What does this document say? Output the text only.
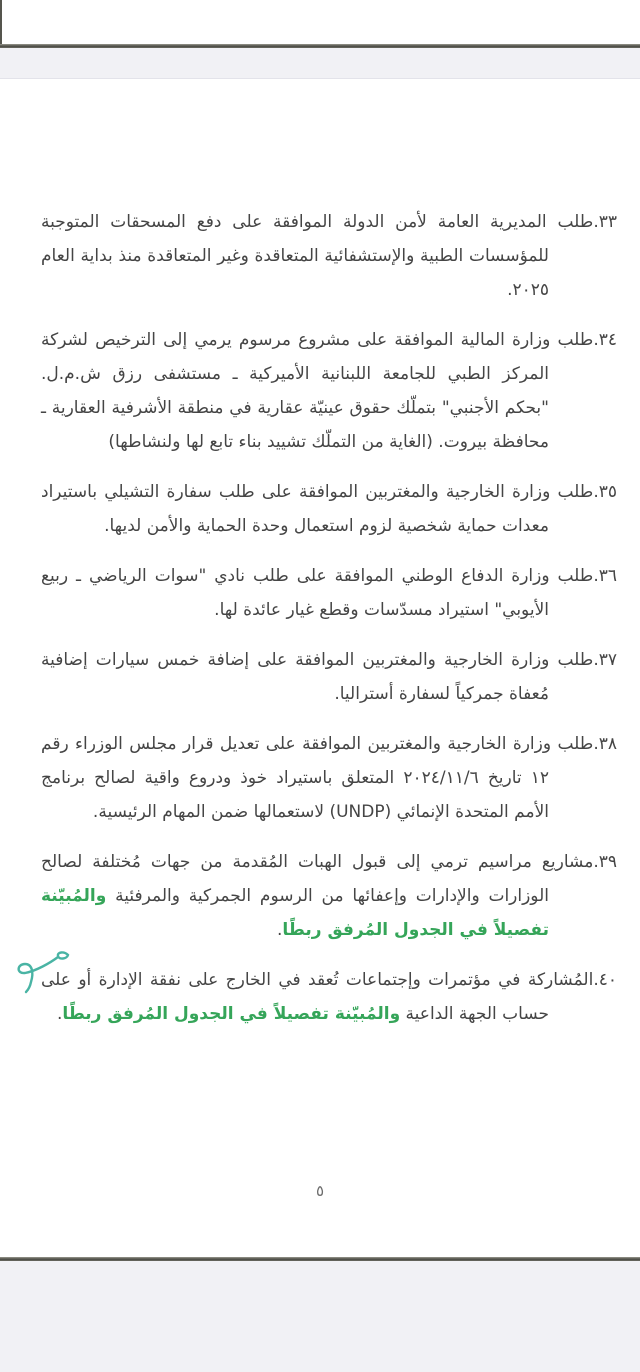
٣٣.طلب المديرية العامة لأمن الدولة الموافقة على دفع المسحقات المتوجبة للمؤسسات الطبية والإستشفائية المتعاقدة وغير المتعاقدة منذ بداية العام ٢٠٢٥.
٣٤.طلب وزارة المالية الموافقة على مشروع مرسوم يرمي إلى الترخيص لشركة المركز الطبي للجامعة اللبنانية الأميركية ـ مستشفى رزق ش.م.ل. "بحكم الأجنبي" بتملّك حقوق عينيّة عقارية في منطقة الأشرفية العقارية ـ محافظة بيروت. (الغاية من التملّك تشييد بناء تابع لها ولنشاطها)
٣٥.طلب وزارة الخارجية والمغتربين الموافقة على طلب سفارة التشيلي باستيراد معدات حماية شخصية لزوم استعمال وحدة الحماية والأمن لديها.
٣٦.طلب وزارة الدفاع الوطني الموافقة على طلب نادي "سوات الرياضي ـ ربيع الأيوبي" استيراد مسدّسات وقطع غيار عائدة لها.
٣٧.طلب وزارة الخارجية والمغتربين الموافقة على إضافة خمس سيارات إضافية مُعفاة جمركياً لسفارة أستراليا.
٣٨.طلب وزارة الخارجية والمغتربين الموافقة على تعديل قرار مجلس الوزراء رقم ١٢ تاريخ ٢٠٢٤/١١/٦ المتعلق باستيراد خوذ ودروع واقية لصالح برنامج الأمم المتحدة الإنمائي (UNDP) لاستعمالها ضمن المهام الرئيسية.
٣٩.مشاريع مراسيم ترمي إلى قبول الهبات المُقدمة من جهات مُختلفة لصالح الوزارات والإدارات وإعفائها من الرسوم الجمركية والمرفئية والمُبيّنة تفصيلاً في الجدول المُرفق ربطًا.
٤٠.المُشاركة في مؤتمرات وإجتماعات تُعقد في الخارج على نفقة الإدارة أو على حساب الجهة الداعية والمُبيّنة تفصيلاً في الجدول المُرفق ربطًا.
٥
